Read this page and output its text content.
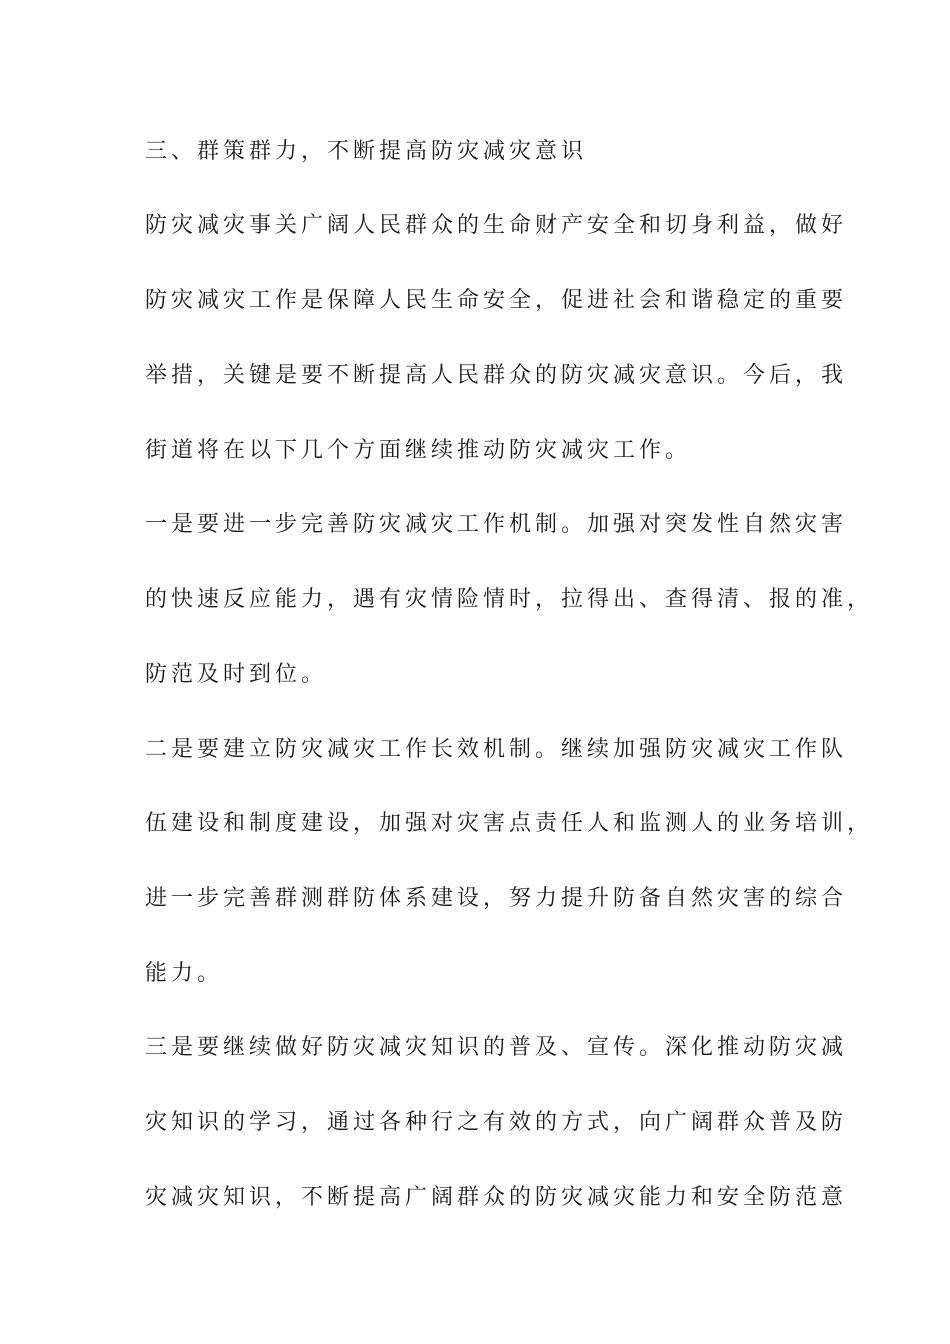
三、群策群力，不断提高防灾减灾意识
防灾减灾事关广阔人民群众的生命财产安全和切身利益，做好
防灾减灾工作是保障人民生命安全，促进社会和谐稳定的重要
举措，关键是要不断提高人民群众的防灾减灾意识。今后，我
街道将在以下几个方面继续推动防灾减灾工作。
一是要进一步完善防灾减灾工作机制。加强对突发性自然灾害
的快速反应能力，遇有灾情险情时，拉得出、查得清、报的准，
防范及时到位。
二是要建立防灾减灾工作长效机制。继续加强防灾减灾工作队
伍建设和制度建设，加强对灾害点责任人和监测人的业务培训，
进一步完善群测群防体系建设，努力提升防备自然灾害的综合
能力。
三是要继续做好防灾减灾知识的普及、宣传。深化推动防灾减
灾知识的学习，通过各种行之有效的方式，向广阔群众普及防
灾减灾知识，不断提高广阔群众的防灾减灾能力和安全防范意
